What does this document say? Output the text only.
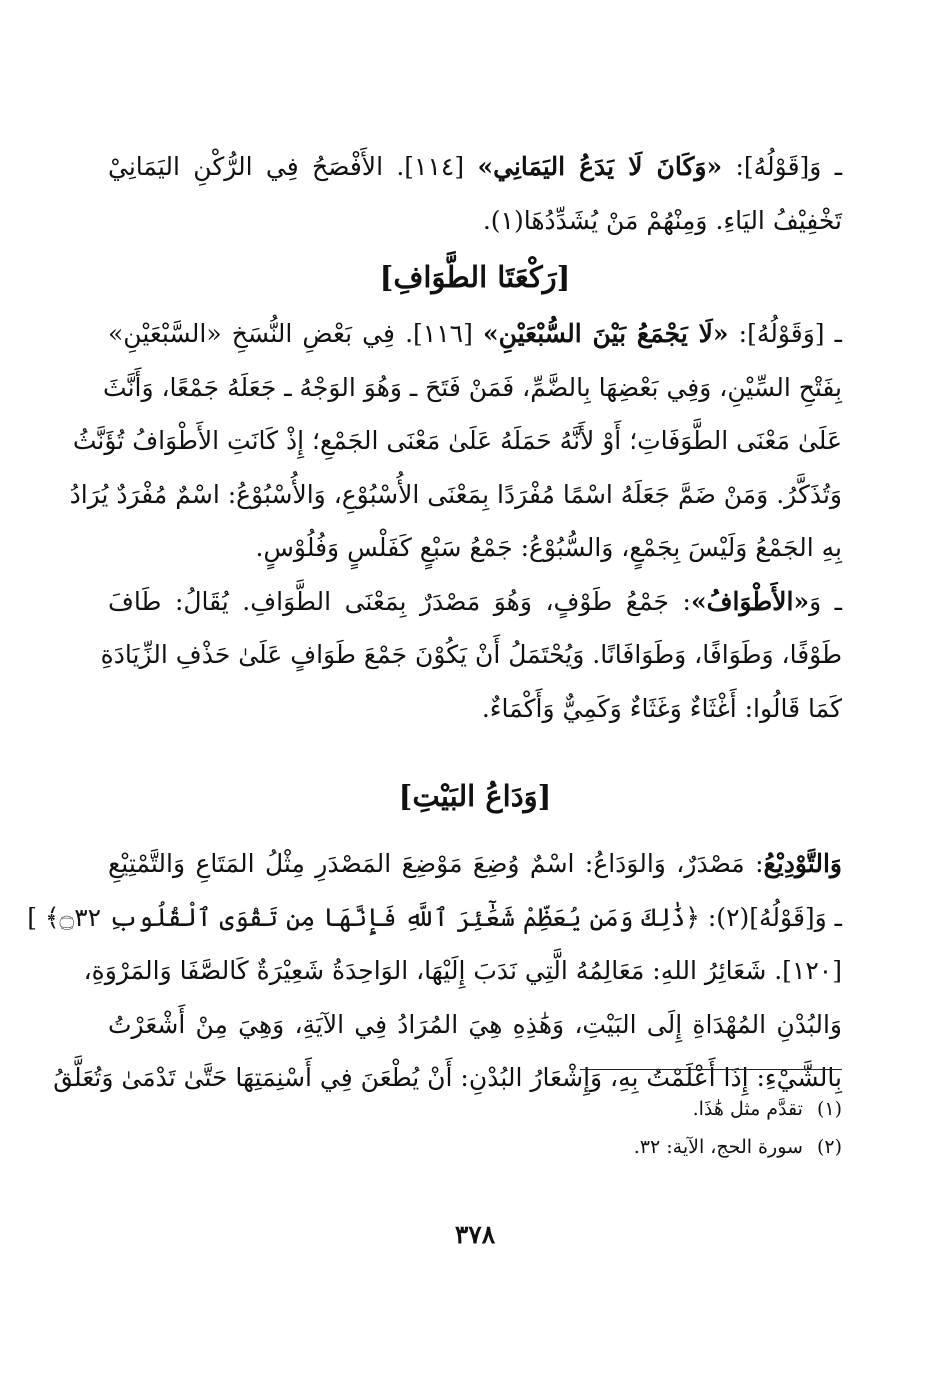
ـ وَ[قَوْلُهُ]: «وَكَانَ لَا يَدَعُ اليَمَانِي» [١١٤]. الأَفْصَحُ فِي الرُّكْنِ اليَمَانِيْ
تَخْفِيْفُ اليَاءِ. وَمِنْهُمْ مَنْ يُشَدِّدُهَا(١).
[رَكْعَتَا الطَّوَافِ]
ـ [وَقَوْلُهُ]: «لَا يَجْمَعُ بَيْنَ السُّبْعَيْنِ» [١١٦]. فِي بَعْضِ النُّسَخِ «السَّبْعَيْنِ»
بِفَتْحِ السِّيْنِ، وَفِي بَعْضِهَا بِالضَّمِّ، فَمَنْ فَتَحَ ـ وَهُوَ الوَجْهُ ـ جَعَلَهُ جَمْعًا، وَأَنَّثَ
عَلَىٰ مَعْنَى الطَّوَفَاتِ؛ أَوْ لأَنَّهُ حَمَلَهُ عَلَىٰ مَعْنَى الجَمْعِ؛ إِذْ كَانَتِ الأَطْوَافُ تُؤَنَّثُ
وَتُذَكَّرُ. وَمَنْ ضَمَّ جَعَلَهُ اسْمًا مُفْرَدًا بِمَعْنَى الأُسْبُوْعِ، وَالأُسْبُوْعُ: اسْمٌ مُفْرَدٌ يُرَادُ
بِهِ الجَمْعُ وَلَيْسَ بِجَمْعٍ، وَالسُّبُوْعُ: جَمْعُ سَبْعٍ كَفَلْسٍ وَفُلُوْسٍ.
ـ وَ«الأَطْوَافُ»: جَمْعُ طَوْفٍ، وَهُوَ مَصْدَرٌ بِمَعْنَى الطَّوَافِ. يُقَالُ: طَافَ
طَوْفًا، وَطَوَافًا، وَطَوَافَانًا. وَيُحْتَمَلُ أَنْ يَكُوْنَ جَمْعَ طَوَافٍ عَلَىٰ حَذْفِ الزِّيَادَةِ
كَمَا قَالُوا: أَغْثَاءٌ وَغَثَاءٌ وَكَمِيٌّ وَأَكْمَاءٌ.
[وَدَاعُ البَيْتِ]
وَالتَّوْدِيْعُ: مَصْدَرٌ، وَالوَدَاعُ: اسْمٌ وُضِعَ مَوْضِعَ المَصْدَرِ مِثْلُ المَتَاعِ وَالتَّمْتِيْعِ
ـ وَ[قَوْلُهُ](٢): ﴿ذَٰلِكَ وَمَن يُعَظِّمْ شَعَٰٓئِرَ ٱللَّهِ فَإِنَّهَا مِن تَقْوَى ٱلْقُلُوبِ ۝٣٢﴾ ]
[١٢٠]. شَعَائِرُ اللهِ: مَعَالِمُهُ الَّتِي نَدَبَ إِلَيْهَا، الوَاحِدَةُ شَعِيْرَةٌ كَالصَّفَا وَالمَرْوَةِ،
وَالبُدْنِ المُهْدَاةِ إِلَى البَيْتِ، وَهَٰذِهِ هِيَ المُرَادُ فِي الآيَةِ، وَهِيَ مِنْ أَشْعَرْتُ
بِالشَّيْءِ: إِذَا أَعْلَمْتُ بِهِ، وَإِشْعَارُ البُدْنِ: أَنْ يُطْعَنَ فِي أَسْنِمَتِهَا حَتَّىٰ تَدْمَىٰ وَتُعَلَّقُ
(١)تقدَّم مثل هَٰذَا.
(٢)سورة الحج، الآية: ٣٢.
٣٧٨
